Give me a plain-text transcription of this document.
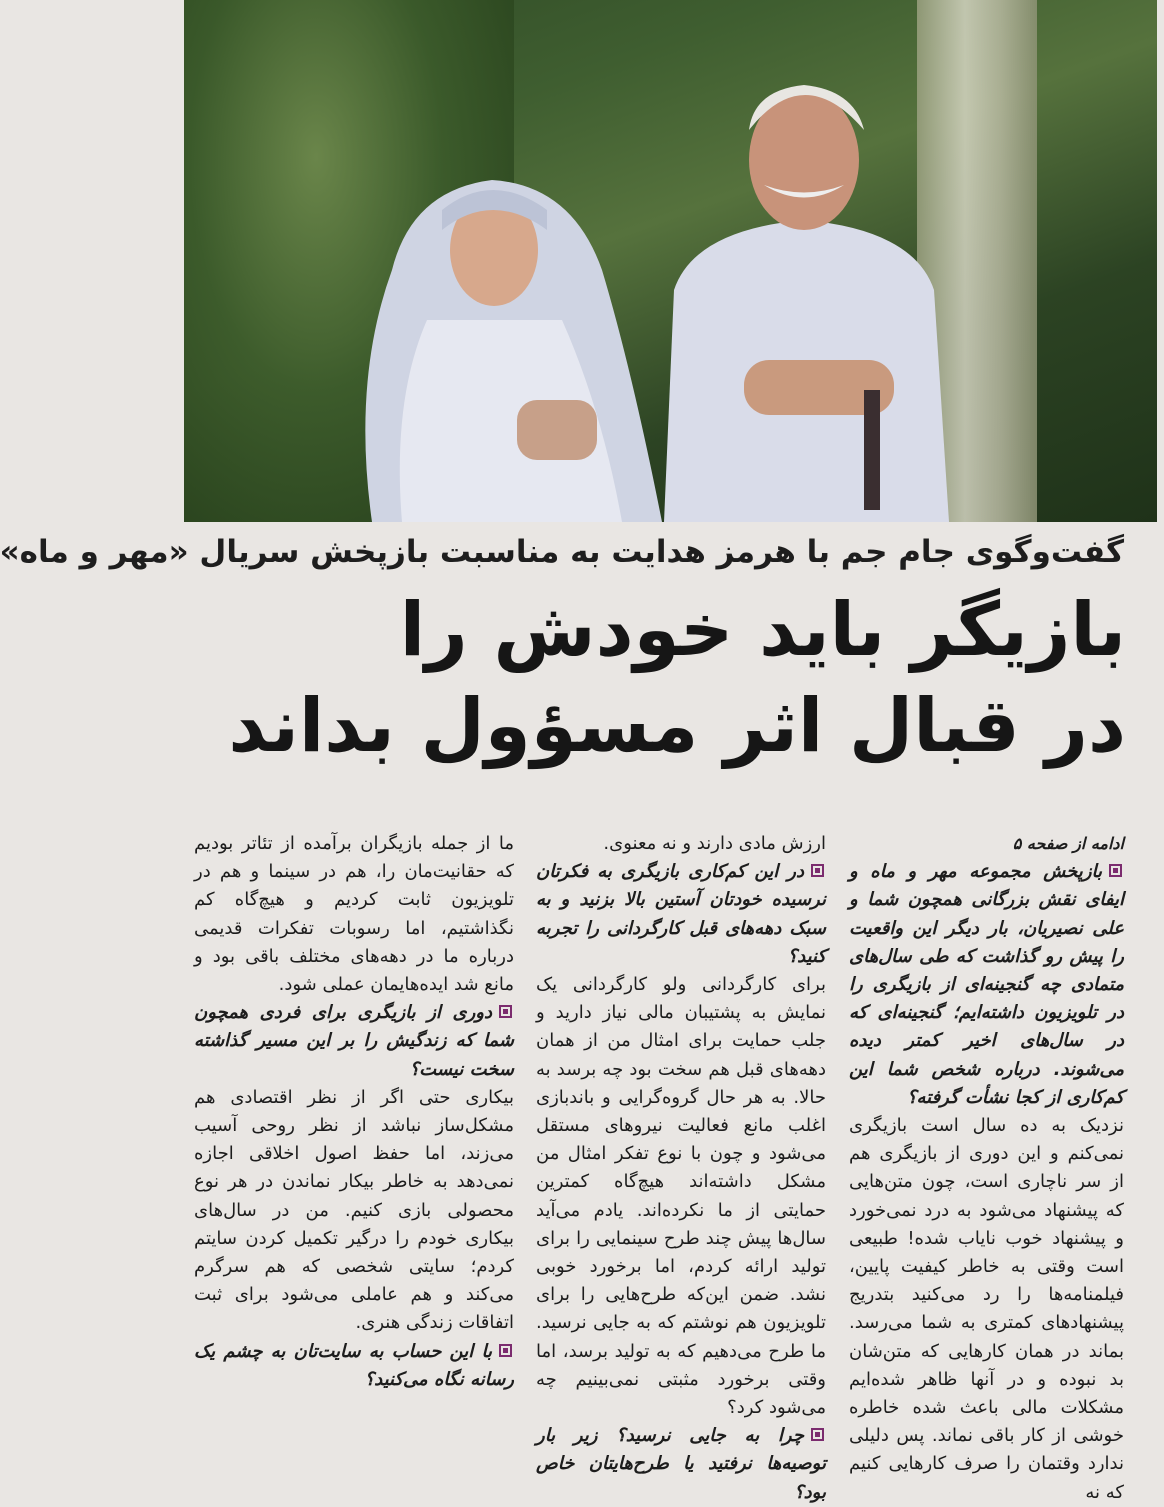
گفت‌وگوی جام جم با هرمز هدایت به مناسبت بازپخش سریال «مهر و ماه»
بازیگر باید خودش را
در قبال اثر مسؤول بداند

ادامه از صفحه ۵

بازپخش مجموعه مهر و ماه و ایفای نقش بزرگانی همچون شما و علی نصیریان، بار دیگر این واقعیت را پیش رو گذاشت که طی سال‌های متمادی چه گنجینه‌ای از بازیگری را در تلویزیون داشته‌ایم؛ گنجینه‌ای که در سال‌های اخیر کمتر دیده می‌شوند. درباره شخص شما این کم‌کاری از کجا نشأت گرفته؟

نزدیک به ده سال است بازیگری نمی‌کنم و این دوری از بازیگری هم از سر ناچاری است، چون متن‌هایی که پیشنهاد می‌شود به درد نمی‌خورد و پیشنهاد خوب نایاب شده! طبیعی است وقتی به خاطر کیفیت پایین، فیلمنامه‌ها را رد می‌کنید بتدریج پیشنهادهای کمتری به شما می‌رسد. بماند در همان کارهایی که متن‌شان بد نبوده و در آنها ظاهر شده‌ایم مشکلات مالی باعث شده خاطره خوشی از کار باقی نماند. پس دلیلی ندارد وقتمان را صرف کارهایی کنیم که نه

ارزش مادی دارند و نه معنوی.

در این کم‌کاری بازیگری به فکرتان نرسیده خودتان آستین بالا بزنید و به سبک دهه‌های قبل کارگردانی را تجربه کنید؟

برای کارگردانی ولو کارگردانی یک نمایش به پشتیبان مالی نیاز دارید و جلب حمایت برای امثال من از همان دهه‌های قبل هم سخت بود چه برسد به حالا. به هر حال گروه‌گرایی و باندبازی اغلب مانع فعالیت نیروهای مستقل می‌شود و چون با نوع تفکر امثال من مشکل داشته‌اند هیچ‌گاه کمترین حمایتی از ما نکرده‌اند. یادم می‌آید سال‌ها پیش چند طرح سینمایی را برای تولید ارائه کردم، اما برخورد خوبی نشد. ضمن این‌که طرح‌هایی را برای تلویزیون هم نوشتم که به جایی نرسید. ما طرح می‌دهیم که به تولید برسد، اما وقتی برخورد مثبتی نمی‌بینیم چه می‌شود کرد؟

چرا به جایی نرسید؟ زیر بار توصیه‌ها نرفتید یا طرح‌هایتان خاص بود؟

ما از جمله بازیگران برآمده از تئاتر بودیم که حقانیت‌مان را، هم در سینما و هم در تلویزیون ثابت کردیم و هیچ‌گاه کم نگذاشتیم، اما رسوبات تفکرات قدیمی درباره ما در دهه‌های مختلف باقی بود و مانع شد ایده‌هایمان عملی شود.

دوری از بازیگری برای فردی همچون شما که زندگیش را بر این مسیر گذاشته سخت نیست؟

بیکاری حتی اگر از نظر اقتصادی هم مشکل‌ساز نباشد از نظر روحی آسیب می‌زند، اما حفظ اصول اخلاقی اجازه نمی‌دهد به خاطر بیکار نماندن در هر نوع محصولی بازی کنیم. من در سال‌های بیکاری خودم را درگیر تکمیل کردن سایتم کردم؛ سایتی شخصی که هم سرگرم می‌کند و هم عاملی می‌شود برای ثبت اتفاقات زندگی هنری.

با این حساب به سایت‌تان به چشم یک رسانه نگاه می‌کنید؟
